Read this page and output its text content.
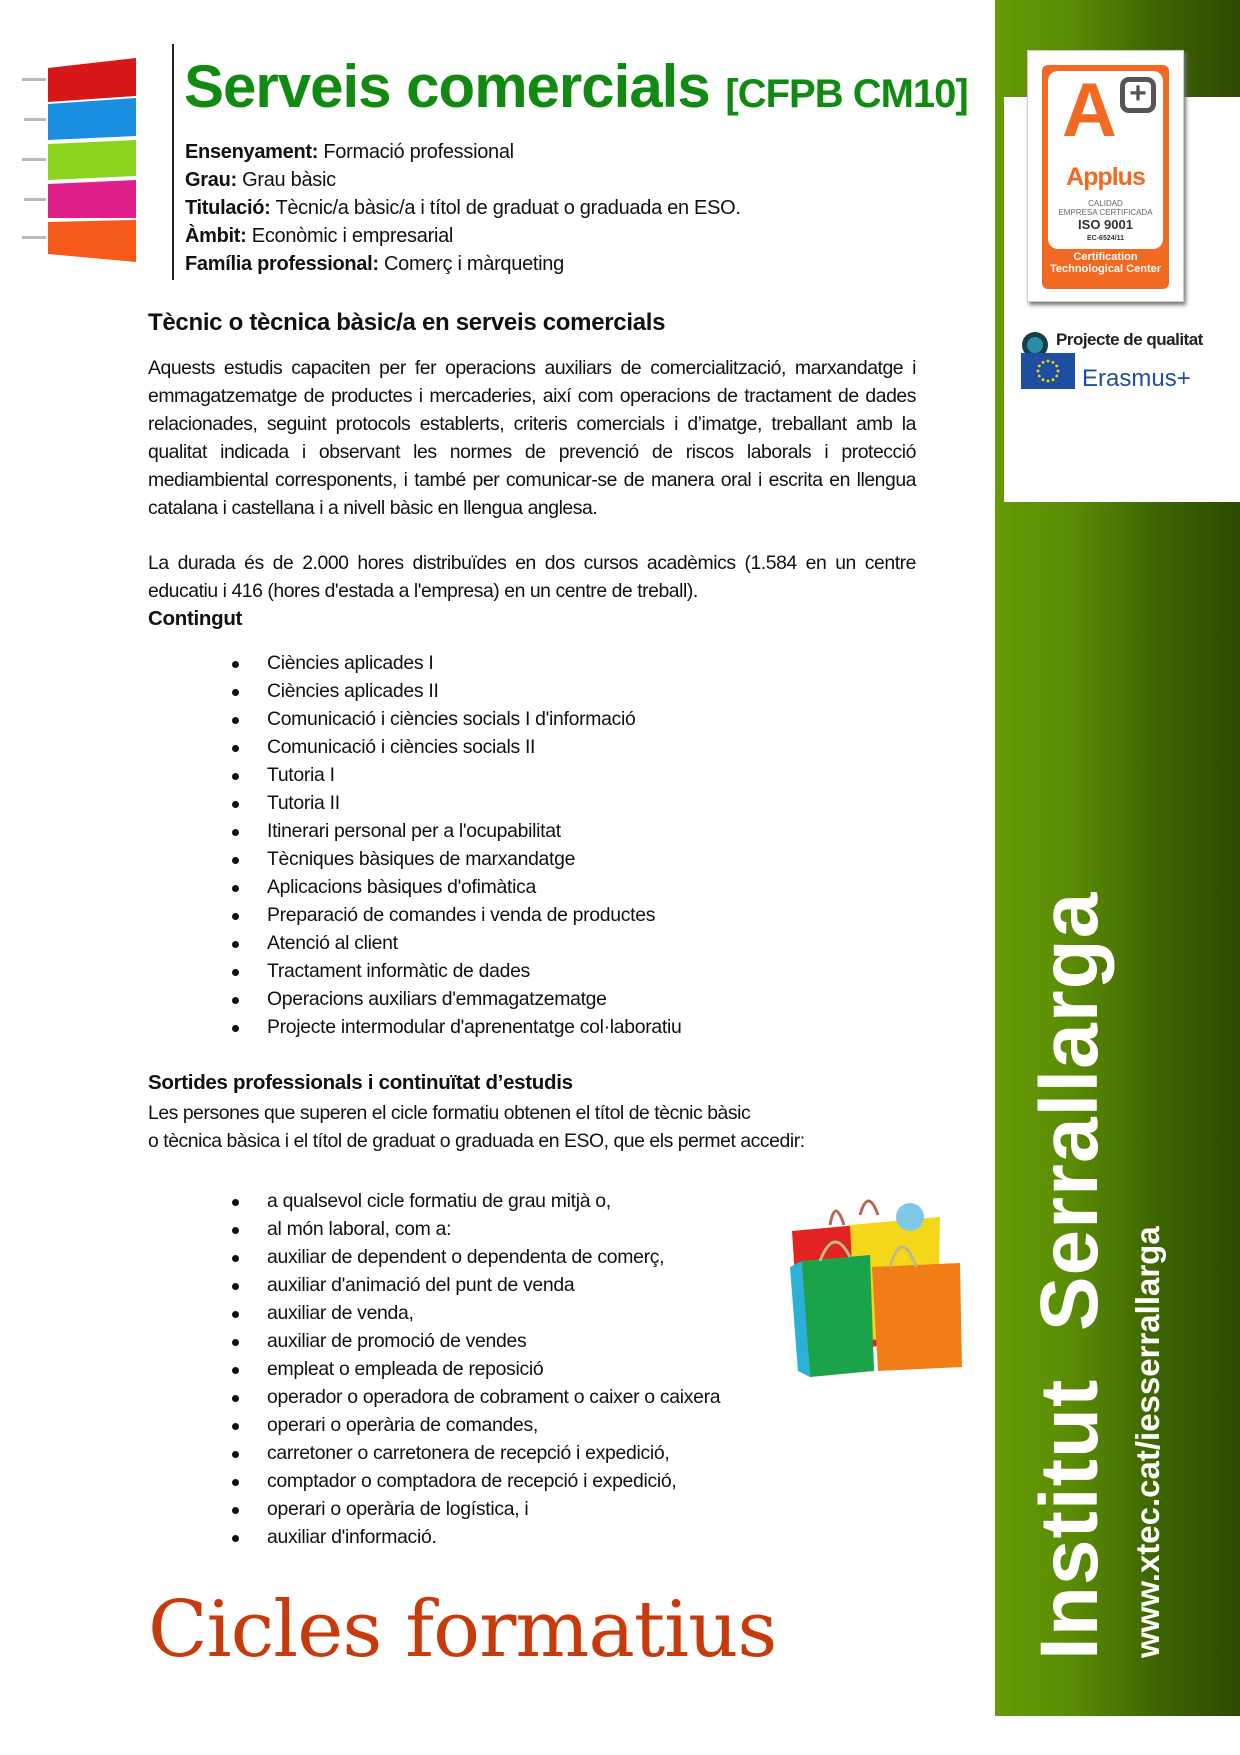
Serveis comercials [CFPB CM10]
Ensenyament: Formació professional
Grau: Grau bàsic
Titulació: Tècnic/a bàsic/a i títol de graduat o graduada en ESO.
Àmbit: Econòmic i empresarial
Família professional: Comerç i màrqueting
Tècnic o tècnica bàsic/a en serveis comercials
Aquests estudis capaciten per fer operacions auxiliars de comercialització, marxandatge i emmagatzematge de productes i mercaderies, així com operacions de tractament de dades relacionades, seguint protocols establerts, criteris comercials i d’imatge, treballant amb la qualitat indicada i observant les normes de prevenció de riscos laborals i protecció mediambiental corresponents, i també per comunicar-se de manera oral i escrita en llengua catalana i castellana i a nivell bàsic en llengua anglesa.
La durada és de 2.000 hores distribuïdes en dos cursos acadèmics (1.584 en un centre educatiu i 416 (hores d'estada a l'empresa) en un centre de treball).
Contingut
Ciències aplicades I
Ciències aplicades II
Comunicació i ciències socials I d'informació
Comunicació i ciències socials II
Tutoria I
Tutoria II
Itinerari personal per a l'ocupabilitat
Tècniques bàsiques de marxandatge
Aplicacions bàsiques d'ofimàtica
Preparació de comandes i venda de productes
Atenció al client
Tractament informàtic de dades
Operacions auxiliars d'emmagatzematge
Projecte intermodular d'aprenentatge col·laboratiu
Sortides professionals i continuïtat d’estudis
Les persones que superen el cicle formatiu obtenen el títol de tècnic bàsic
o tècnica bàsica i el títol de graduat o graduada en ESO, que els permet accedir:
a qualsevol cicle formatiu de grau mitjà o,
al món laboral, com a:
auxiliar de dependent o dependenta de comerç,
auxiliar d'animació del punt de venda
auxiliar de venda,
auxiliar de promoció de vendes
empleat o empleada de reposició
operador o operadora de cobrament o caixer o caixera
operari o operària de comandes,
carretoner o carretonera de recepció i expedició,
comptador o comptadora de recepció i expedició,
operari o operària de logística, i
auxiliar d'informació.
Cicles formatius
A +
Applus
CALIDAD
EMPRESA CERTIFICADA
ISO 9001
EC-6524/11
Certification Technological Center
Projecte de qualitat
Erasmus+
Institut  Serrallarga www.xtec.cat/iesserrallarga
